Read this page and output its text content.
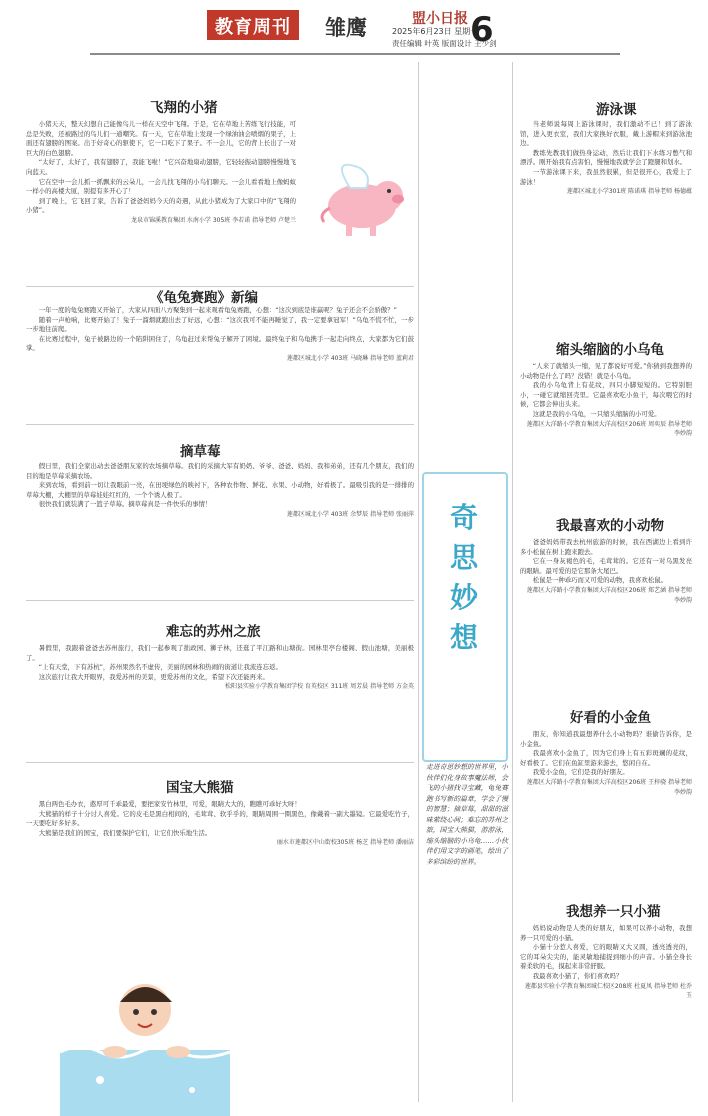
教育周刊	雏鹰	盟小日报
2025年6月23日 星期一
责任编辑 叶英 版面设计 王少剑
6
飞翔的小猪

小猪天天，整天幻想自己能像鸟儿一样在天空中飞翔。于是，它在草地上苦练飞行技能，可总是失败，还被路过的鸟儿们一通嘲笑。有一天，它在草地上发现一个绿油油会喷烟的果子，上面还有翅膀的图案。出于好奇心的驱使下，它一口吃下了果子。不一会儿，它的背上长出了一对巨大的白色翅膀。

“太好了，太好了，我有翅膀了，我能飞啦！”它兴奋地扇动翅膀，它轻轻振动翅膀慢慢地飞向蓝天。

它在空中一会儿抓一抓飘来的云朵儿，一会儿找飞翔的小鸟们聊天。一会儿看看地上像蚂蚁一样小的高楼大厦，别提有多开心了！

到了晚上，它飞回了家，告诉了爸爸妈妈今天的奇遇，从此小猪成为了大家口中的“飞翔的小猪”。

龙泉市锦溪教育集团 水南小学 305班 李若诺 指导老师 卢楚兰
《龟兔赛跑》新编

一年一度的龟兔赛跑又开始了，大家从四面八方聚集到一起来观看龟兔赛跑，心想：“这次到底是谁赢呢？兔子还会不会骄傲？”

随着一声枪响，比赛开始了！兔子一溜烟就跑出去了好远，心想：“这次我可不能再睡觉了，我一定要拿冠军！”乌龟不慌不忙，一步一步地往前爬。

在比赛过程中，兔子被路边的一个陷阱困住了，乌龟赶过来帮兔子解开了困境。最终兔子和乌龟携手一起走向终点，大家都为它们鼓掌。

莲都区城北小学 403班 马晓琳 指导老师 蓝莉君
摘草莓

假日里，我们全家出动去爸爸朋友家的农场摘草莓。我们的采摘大军有奶奶、爷爷、爸爸、妈妈、我和弟弟，还有几个朋友，我们的目的地是草莓采摘农场。

来到农场，看到前一切让我眼前一亮，在田埂绿色的映衬下，各种农作物、鲜花、水果、小动物，好看极了。最吸引我的是一排排的草莓大棚，大棚里的草莓娃娃红红的，一个个诱人极了。

很快我们就装满了一篮子草莓。摘草莓真是一件快乐的事情！

莲都区城北小学 403班 余梦辰 指导老师 张丽萍
难忘的苏州之旅

暑假里，我跟着爸爸去苏州旅行，我们一起参观了拙政园、狮子林，还逛了平江路和山塘街。园林里亭台楼阁、假山池塘，美丽极了。

“上有天堂，下有苏杭”，苏州果然名不虚传，美丽的园林和热闹的街道让我流连忘返。

这次旅行让我大开眼界，我爱苏州的美景，更爱苏州的文化，希望下次还能再来。

松阳县实验小学教育集团学校 育英校区 311班 周芳晨 指导老师 方金英
国宝大熊猫

黑白两色毛办衣，憨厚可千乖最爱，要把家安竹林里，可爱，眼睛大大的，瞧瞧可乖好大呀！

大熊猫的样子十分讨人喜爱。它的皮毛是黑白相间的，毛茸茸、软乎乎的，眼睛周围一圈黑色，像戴着一副大墨镜。它最爱吃竹子，一天要吃好多好多。

大熊猫是我们的国宝，我们要保护它们，让它们快乐地生活。

丽水市莲都区中山街校305班 杨芝 指导老师 潘丽洁
奇思妙想
走进奇思妙想的世界里，小伙伴们化身故事魔法师，会飞的小猪找寻宝藏，龟兔赛跑书写新的篇章，学会了慢的智慧；摘草莓，甜甜的滋味萦绕心间；难忘的苏州之旅，国宝大熊猫，游游泳，缩头缩脑的小乌龟……小伙伴们用文字的画笔，绘出了多彩缤纷的世界。
游泳课

当老师说每周上游泳课时，我们激动不已！到了游泳馆，进入更衣室，我们大家换好衣服，戴上游帽来到游泳池边。

教练先教我们做热身运动，然后让我们下水练习憋气和漂浮。刚开始我有点害怕，慢慢地我就学会了蹬腿和划水。

一节游泳课下来，我虽然很累，但是很开心，我爱上了游泳！

莲都区城北小学301班 陈诺琪 指导老师 杨德蕴
缩头缩脑的小乌龟

“人来了就缩头一缩，见了都说好可爱。”你猜到我想养的小动物是什么了吗？没错！就是小乌龟。

我的小乌龟背上有花纹，四只小脚短短的。它特别胆小，一碰它就缩回壳里。它最喜欢吃小鱼干，每次喂它的时候，它都会伸出头来。

这就是我的小乌龟，一只缩头缩脑的小可爱。

莲都区大洋路小学教育集团大洋高校区206班 周奕辰 指导老师 李妙韵
我最喜欢的小动物

爸爸妈妈带我去杭州旅游的时候，我在西湖边上看到许多小松鼠在树上跑来跑去。

它在一身灰褐色的毛，毛茸茸的。它还有一对乌黑发亮的眼睛。最可爱的是它那条大尾巴。

松鼠是一种乖巧而又可爱的动物，我喜欢松鼠。

莲都区大洋路小学教育集团大洋高校区206班 郑艺涵 指导老师 李妙韵
好看的小金鱼

朋友，你知道我最想养什么小动物吗？谁偷告诉你，是小金鱼。

我最喜欢小金鱼了，因为它们身上有五彩斑斓的花纹，好看极了。它们在鱼缸里游来游去，悠闲自在。

我爱小金鱼，它们是我的好朋友。

莲都区大洋路小学教育集团大洋高校区206班 王梓骁 指导老师 李妙韵
我想养一只小猫

妈妈说动物是人类的好朋友，如果可以养小动物，我想养一只可爱的小猫。

小猫十分惹人喜爱，它的眼睛又大又圆，透亮透亮的，它的耳朵尖尖的，能灵敏地捕捉到细小的声音。小猫全身长着柔软的毛，摸起来非常舒服。

我最喜欢小猫了，你们喜欢吗？

莲都县实验小学教育集团城仁校区208班 杜夏凤 指导老师 杜乔玉
